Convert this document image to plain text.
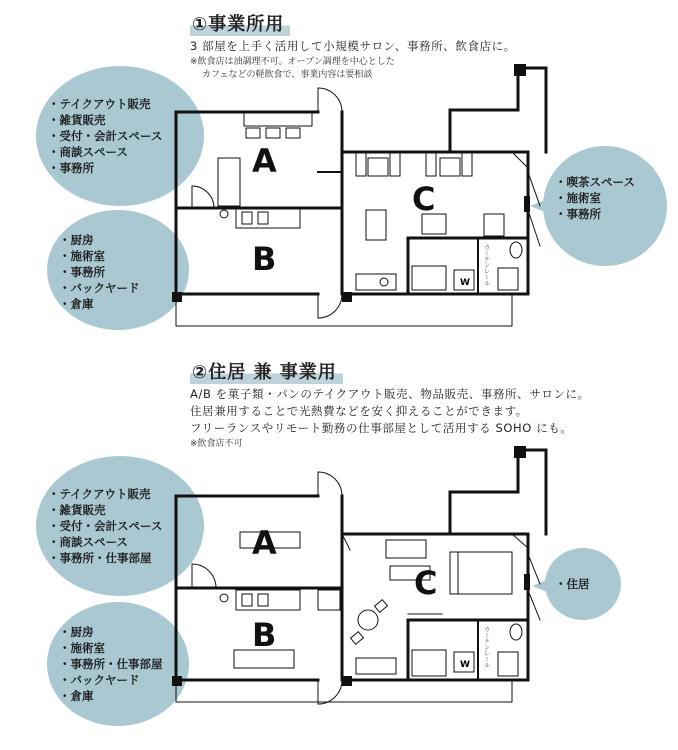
①事業所用
3 部屋を上手く活用して小規模サロン、事務所、飲食店に。
※飲食店は油調理不可。オープン調理を中心とした
カフェなどの軽飲食で、事業内容は要相談
・ テイクアウト販売
・ 雑貨販売
・ 受付・会計スペース
・ 商談スペース
・ 事務所
・ 厨房
・ 施術室
・ 事務所
・ バックヤード
・ 倉庫
・ 喫茶スペース
・ 施術室
・ 事務所
A
B
C
W カーテンレール
②住居 兼 事業用
A/B を菓子類・パンのテイクアウト販売、物品販売、事務所、サロンに。
住居兼用することで光熱費などを安く抑えることができます。
フリーランスやリモート勤務の仕事部屋として活用する SOHO にも。
※飲食店不可
・ テイクアウト販売
・ 雑貨販売
・ 受付・会計スペース
・ 商談スペース
・ 事務所・仕事部屋
・ 厨房
・ 施術室
・ 事務所・仕事部屋
・ バックヤード
・ 倉庫
・ 住居
A
B
C
W カーテンレール
